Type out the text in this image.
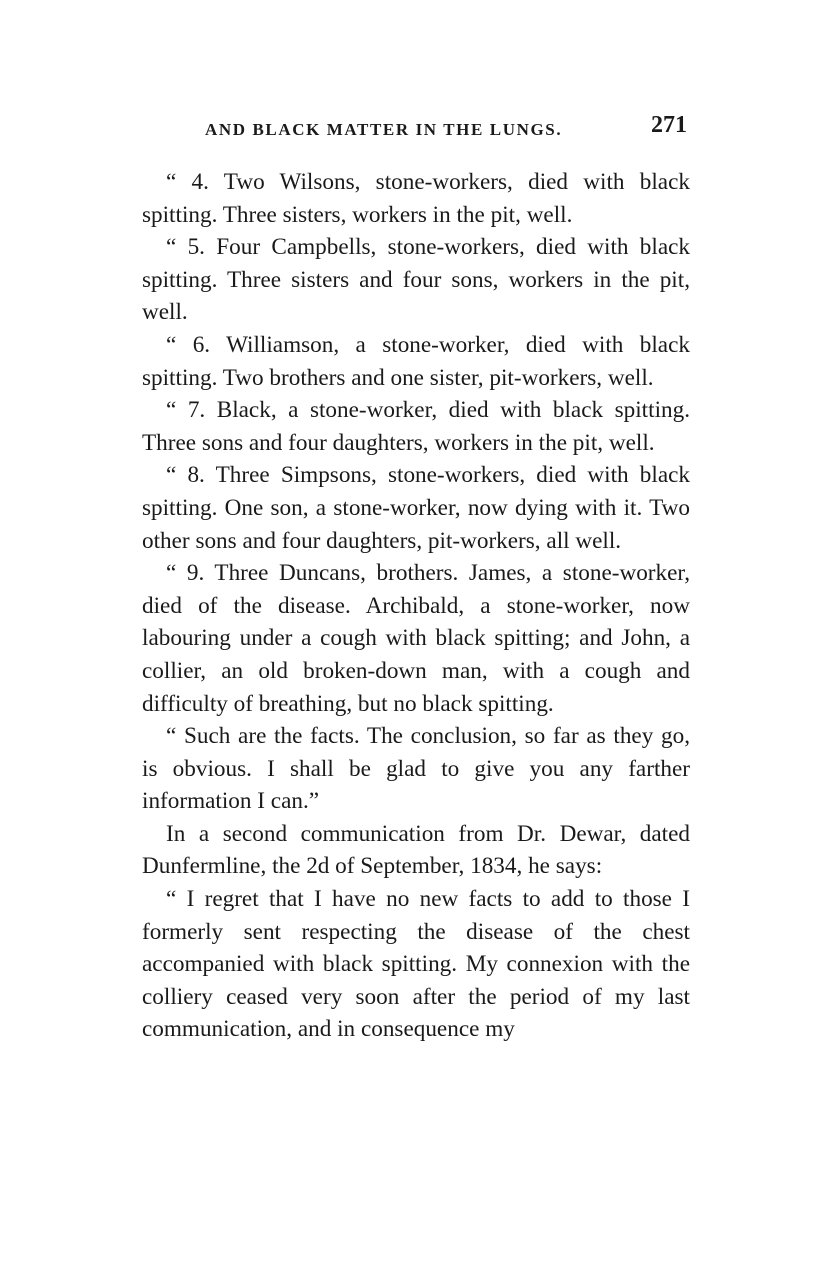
AND BLACK MATTER IN THE LUNGS.	271

“ 4. Two Wilsons, stone-workers, died with black spitting. Three sisters, workers in the pit, well.

“ 5. Four Campbells, stone-workers, died with black spitting. Three sisters and four sons, workers in the pit, well.

“ 6. Williamson, a stone-worker, died with black spitting. Two brothers and one sister, pit-workers, well.

“ 7. Black, a stone-worker, died with black spitting. Three sons and four daughters, workers in the pit, well.

“ 8. Three Simpsons, stone-workers, died with black spitting. One son, a stone-worker, now dying with it. Two other sons and four daughters, pit-workers, all well.

“ 9. Three Duncans, brothers. James, a stone-worker, died of the disease. Archibald, a stone-worker, now labouring under a cough with black spitting; and John, a collier, an old broken-down man, with a cough and difficulty of breathing, but no black spitting.

“ Such are the facts. The conclusion, so far as they go, is obvious. I shall be glad to give you any farther information I can.”

In a second communication from Dr. Dewar, dated Dunfermline, the 2d of September, 1834, he says:

“ I regret that I have no new facts to add to those I formerly sent respecting the disease of the chest accompanied with black spitting. My connexion with the colliery ceased very soon after the period of my last communication, and in consequence my
